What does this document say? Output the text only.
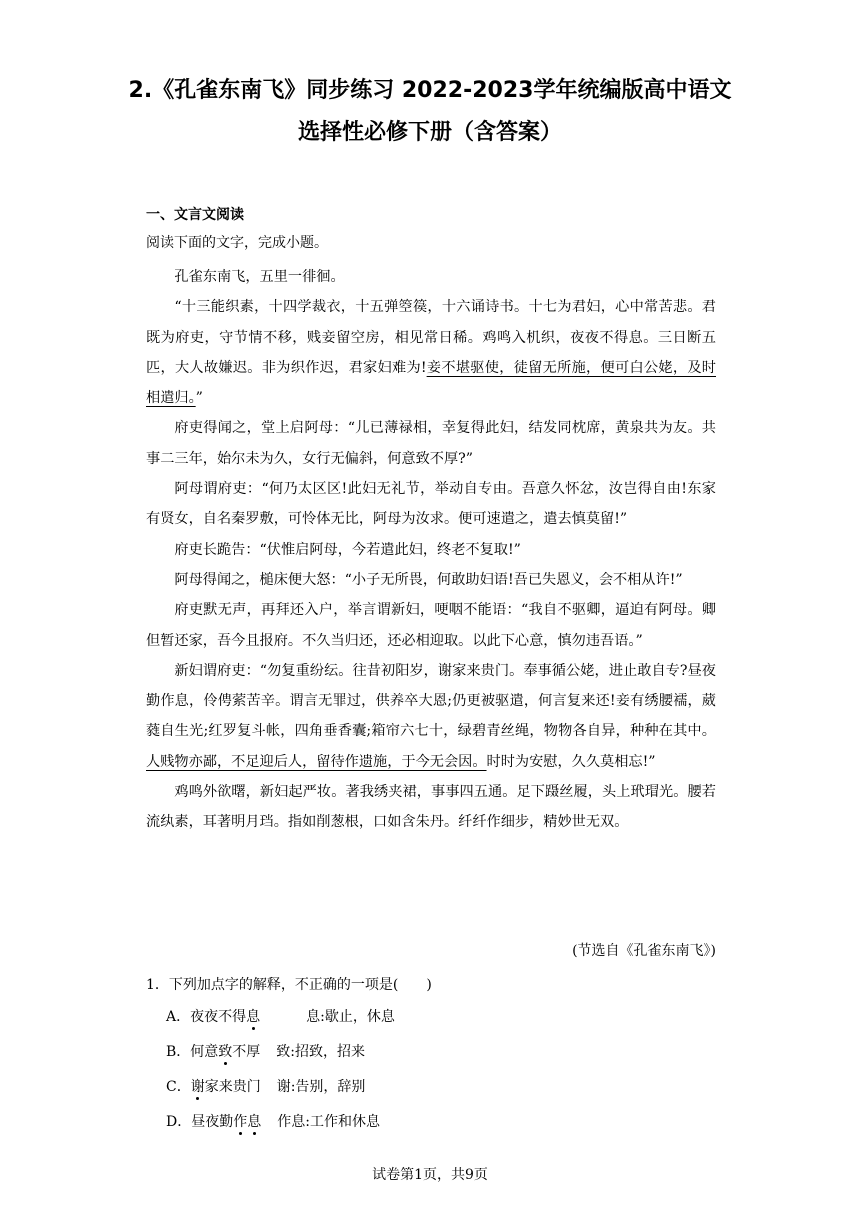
2.《孔雀东南飞》同步练习 2022-2023学年统编版高中语文
选择性必修下册（含答案）
一、文言文阅读
阅读下面的文字，完成小题。

孔雀东南飞，五里一徘徊。

“十三能织素，十四学裁衣，十五弹箜篌，十六诵诗书。十七为君妇，心中常苦悲。君既为府吏，守节情不移，贱妾留空房，相见常日稀。鸡鸣入机织，夜夜不得息。三日断五匹，大人故嫌迟。非为织作迟，君家妇难为!妾不堪驱使，徒留无所施，便可白公姥，及时相遣归。”

府吏得闻之，堂上启阿母：“儿已薄禄相，幸复得此妇，结发同枕席，黄泉共为友。共事二三年，始尔未为久，女行无偏斜，何意致不厚?”

阿母谓府吏：“何乃太区区!此妇无礼节，举动自专由。吾意久怀忿，汝岂得自由!东家有贤女，自名秦罗敷，可怜体无比，阿母为汝求。便可速遣之，遣去慎莫留!”

府吏长跪告：“伏惟启阿母，今若遣此妇，终老不复取!”

阿母得闻之，槌床便大怒：“小子无所畏，何敢助妇语!吾已失恩义，会不相从许!”

府吏默无声，再拜还入户，举言谓新妇，哽咽不能语：“我自不驱卿，逼迫有阿母。卿但暂还家，吾今且报府。不久当归还，还必相迎取。以此下心意，慎勿违吾语。”

新妇谓府吏：“勿复重纷纭。往昔初阳岁，谢家来贵门。奉事循公姥，进止敢自专?昼夜勤作息，伶俜萦苦辛。谓言无罪过，供养卒大恩;仍更被驱遣，何言复来还!妾有绣腰襦，葳蕤自生光;红罗复斗帐，四角垂香囊;箱帘六七十，绿碧青丝绳，物物各自异，种种在其中。人贱物亦鄙，不足迎后人，留待作遗施，于今无会因。时时为安慰，久久莫相忘!”

鸡鸣外欲曙，新妇起严妆。著我绣夹裙，事事四五通。足下蹑丝履，头上玳瑁光。腰若流纨素，耳著明月珰。指如削葱根，口如含朱丹。纤纤作细步，精妙世无双。

(节选自《孔雀东南飞》)
1．下列加点字的解释，不正确的一项是(　　)
A．夜夜不得息	息:歇止，休息
B．何意致不厚 致:招致，招来
C．谢家来贵门 谢:告别，辞别
D．昼夜勤作息 作息:工作和休息
试卷第1页，共9页
